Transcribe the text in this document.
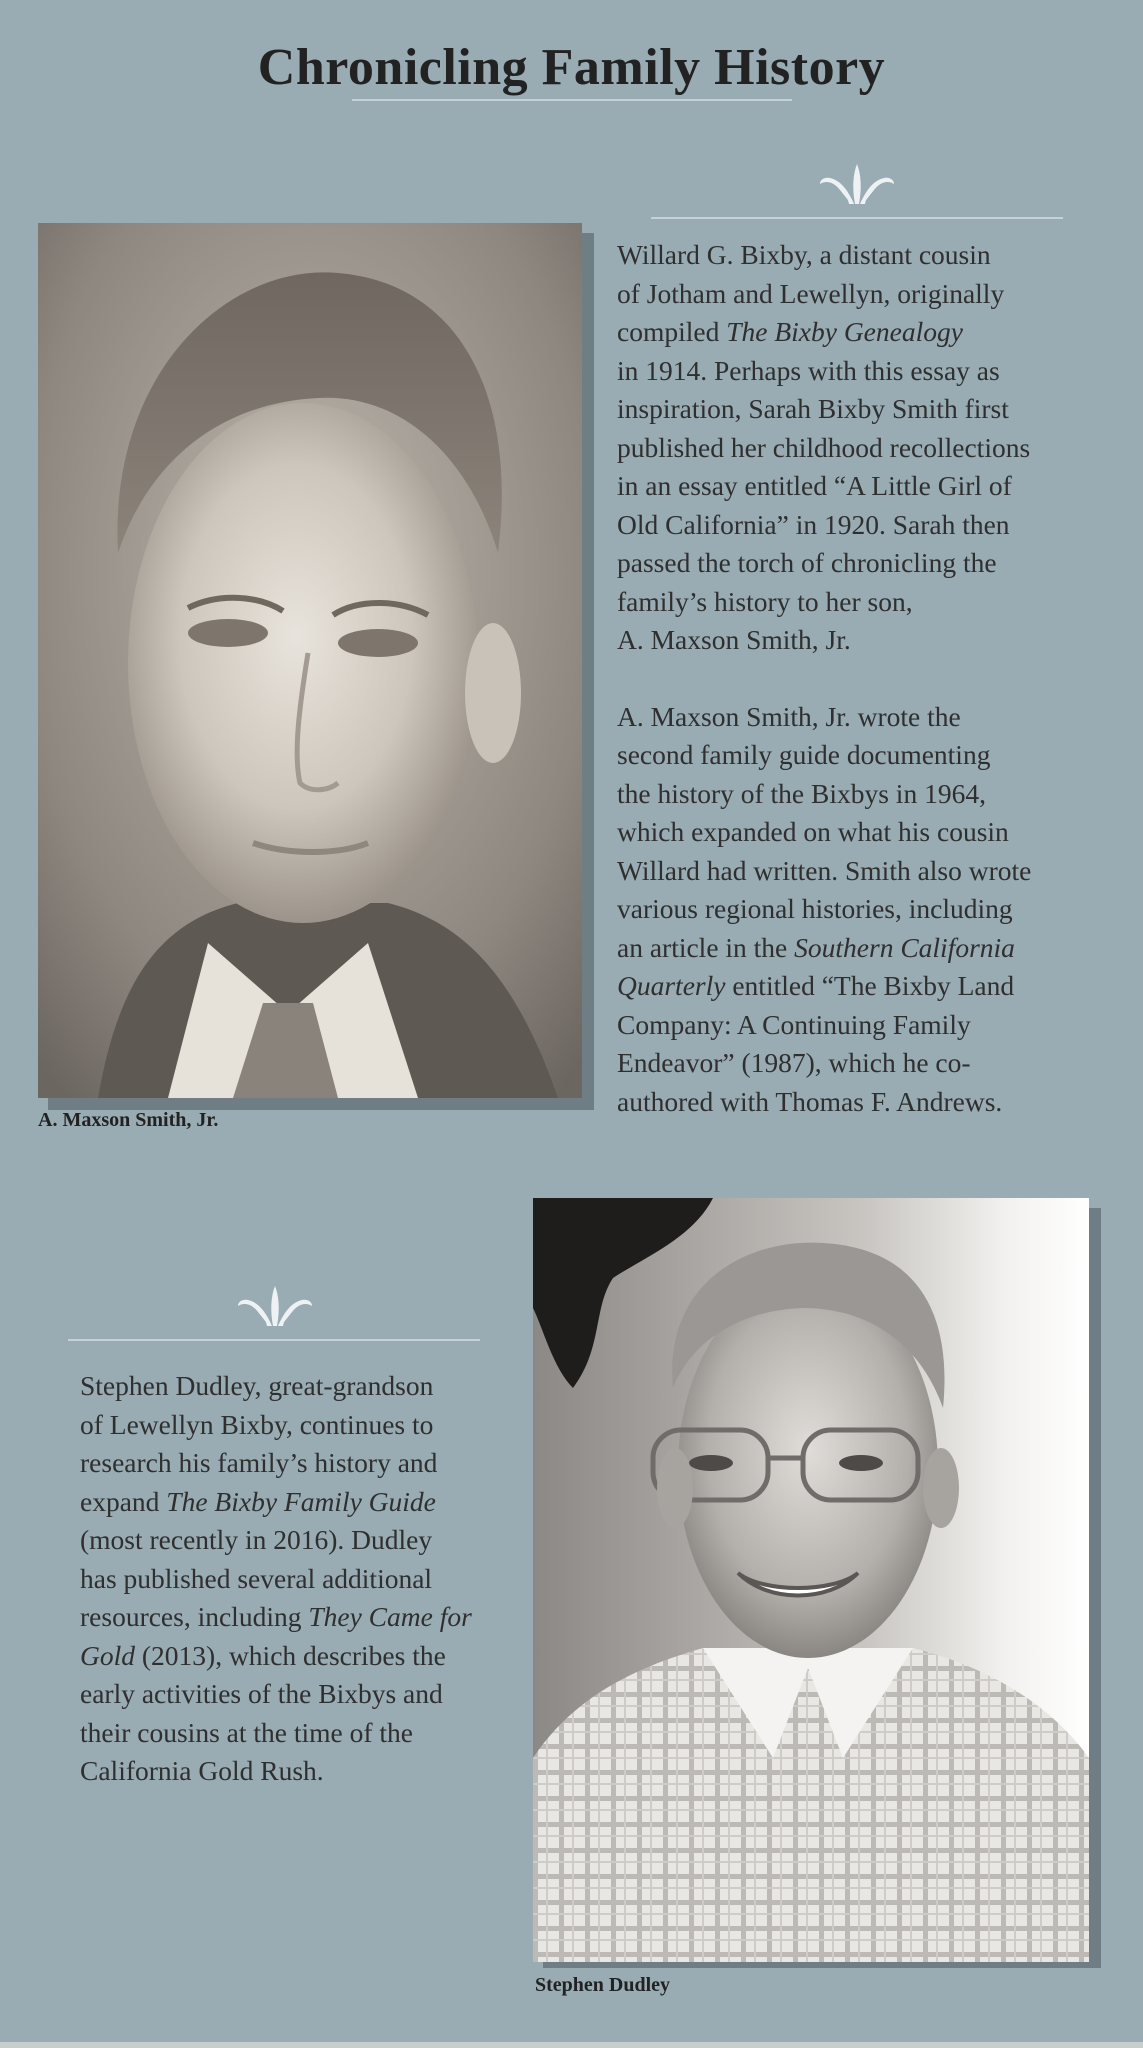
Chronicling Family History

A. Maxson Smith, Jr.

Willard G. Bixby, a distant cousin
of Jotham and Lewellyn, originally
compiled The Bixby Genealogy
in 1914. Perhaps with this essay as
inspiration, Sarah Bixby Smith first
published her childhood recollections
in an essay entitled “A Little Girl of
Old California” in 1920. Sarah then
passed the torch of chronicling the
family’s history to her son,
A. Maxson Smith, Jr.

A. Maxson Smith, Jr. wrote the
second family guide documenting
the history of the Bixbys in 1964,
which expanded on what his cousin
Willard had written. Smith also wrote
various regional histories, including
an article in the Southern California
Quarterly entitled “The Bixby Land
Company: A Continuing Family
Endeavor” (1987), which he co-
authored with Thomas F. Andrews.

Stephen Dudley, great-grandson
of Lewellyn Bixby, continues to
research his family’s history and
expand The Bixby Family Guide
(most recently in 2016). Dudley
has published several additional
resources, including They Came for
Gold (2013), which describes the
early activities of the Bixbys and
their cousins at the time of the
California Gold Rush.

Stephen Dudley
